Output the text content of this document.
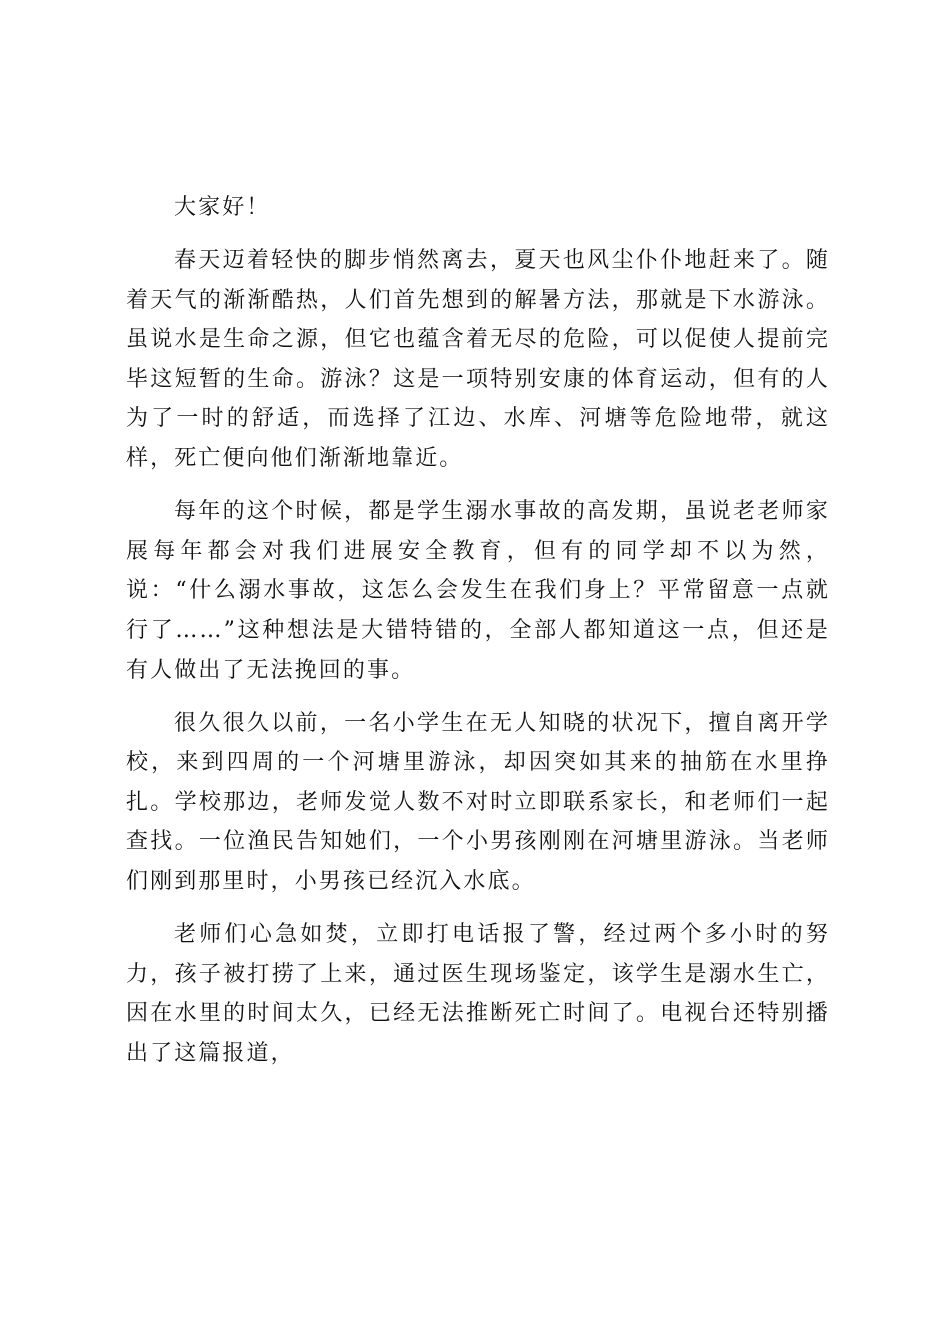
大家好！

春天迈着轻快的脚步悄然离去，夏天也风尘仆仆地赶来了。随着天气的渐渐酷热，人们首先想到的解暑方法，那就是下水游泳。虽说水是生命之源，但它也蕴含着无尽的危险，可以促使人提前完毕这短暂的生命。游泳？这是一项特别安康的体育运动，但有的人为了一时的舒适，而选择了江边、水库、河塘等危险地带，就这样，死亡便向他们渐渐地靠近。

每年的这个时候，都是学生溺水事故的高发期，虽说老老师家展每年都会对我们进展安全教育，但有的同学却不以为然，说：“什么溺水事故，这怎么会发生在我们身上？平常留意一点就行了……”这种想法是大错特错的，全部人都知道这一点，但还是有人做出了无法挽回的事。

很久很久以前，一名小学生在无人知晓的状况下，擅自离开学校，来到四周的一个河塘里游泳，却因突如其来的抽筋在水里挣扎。学校那边，老师发觉人数不对时立即联系家长，和老师们一起查找。一位渔民告知她们，一个小男孩刚刚在河塘里游泳。当老师们刚到那里时，小男孩已经沉入水底。

老师们心急如焚，立即打电话报了警，经过两个多小时的努力，孩子被打捞了上来，通过医生现场鉴定，该学生是溺水生亡，因在水里的时间太久，已经无法推断死亡时间了。电视台还特别播出了这篇报道，
